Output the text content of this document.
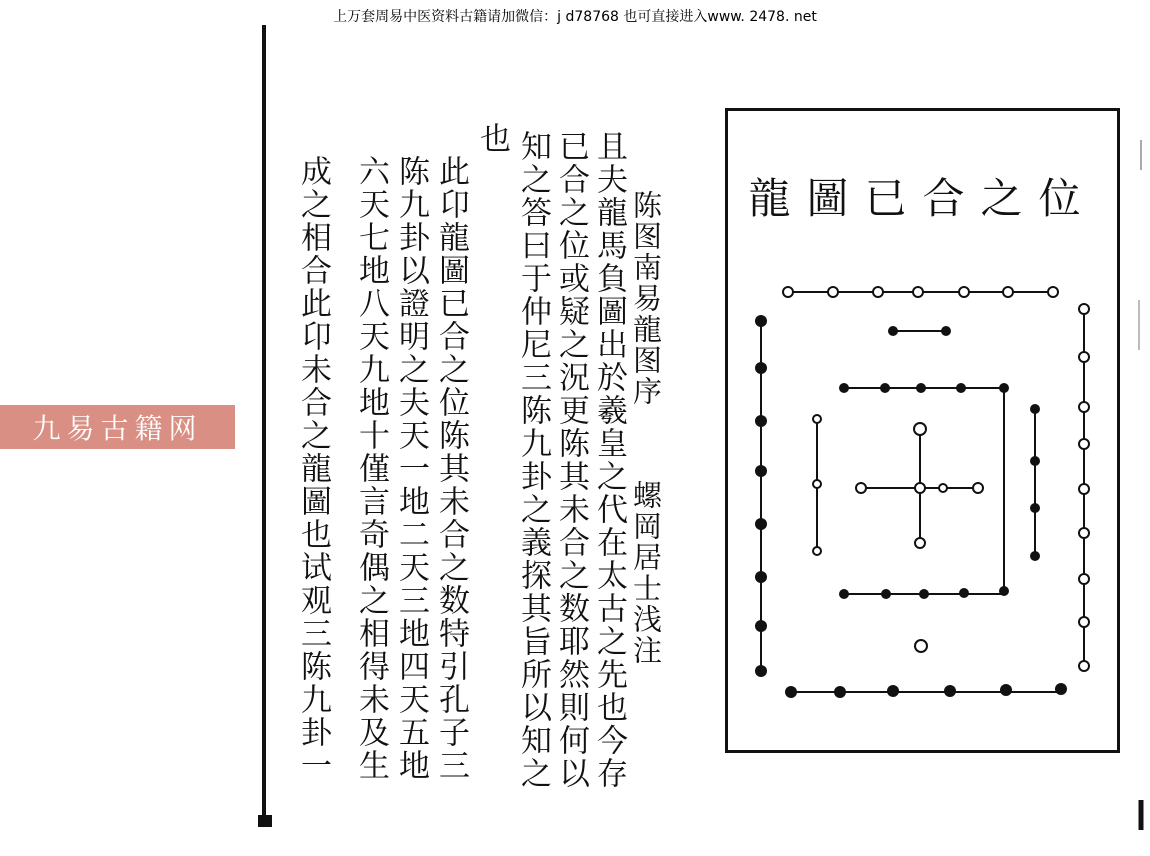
上万套周易中医资料古籍请加微信：j d78768 也可直接进入www. 2478. net
九易古籍网
陈图南易龍图序
螺岡居士浅注
且夫龍馬負圖出於羲皇之代在太古之先也今存
已合之位或疑之況更陈其未合之数耶然則何以
知之答曰于仲尼三陈九卦之義探其旨所以知之
也
此卬龍圖已合之位陈其未合之数特引孔子三
陈九卦以證明之夫天一地二天三地四天五地
六天七地八天九地十僅言奇偶之相得未及生
成之相合此卬未合之龍圖也试观三陈九卦一	龍圖已合之位
